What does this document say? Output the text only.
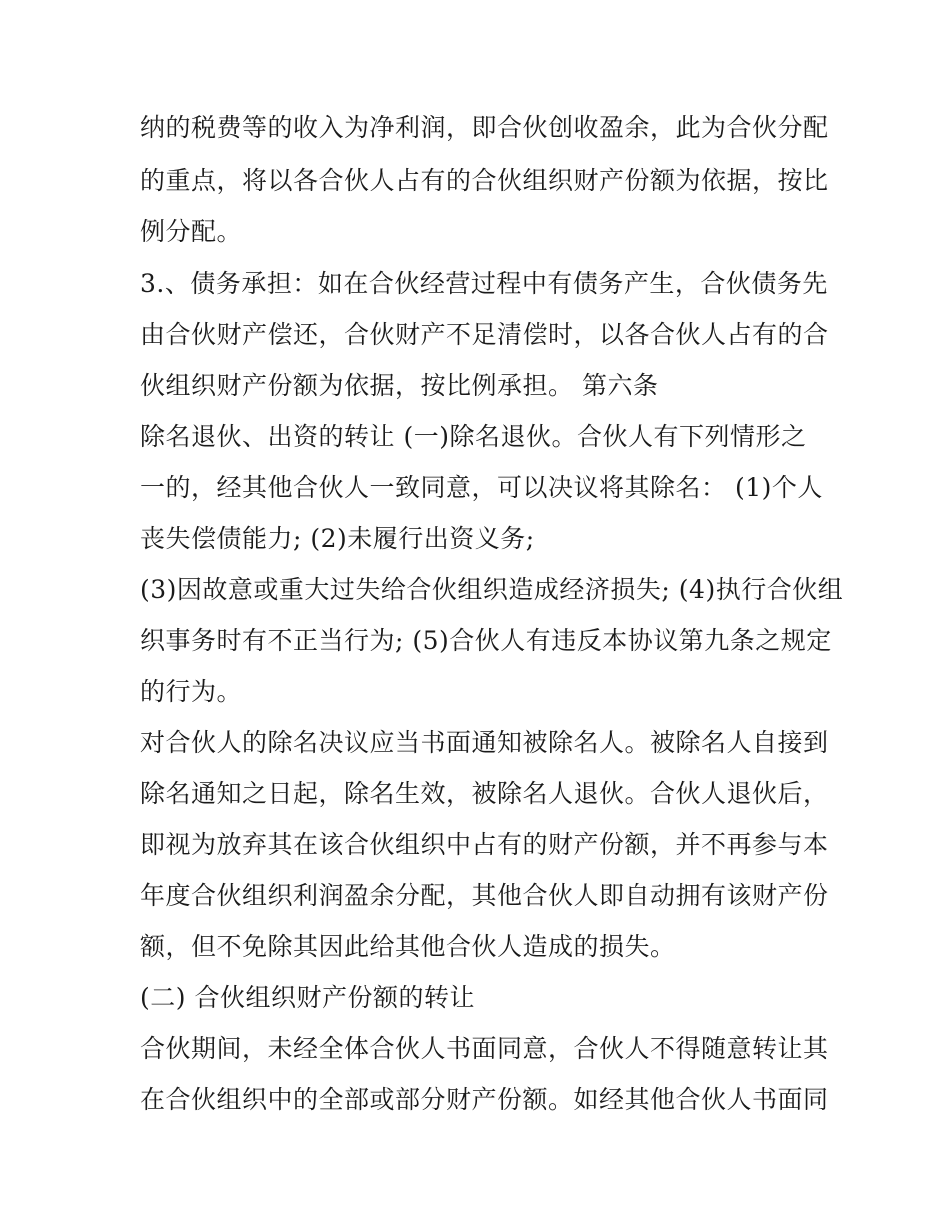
纳的税费等的收入为净利润，即合伙创收盈余，此为合伙分配
的重点，将以各合伙人占有的合伙组织财产份额为依据，按比
例分配。
3.、债务承担：如在合伙经营过程中有债务产生，合伙债务先
由合伙财产偿还，合伙财产不足清偿时，以各合伙人占有的合
伙组织财产份额为依据，按比例承担。 第六条
除名退伙、出资的转让 (一)除名退伙。合伙人有下列情形之
一的，经其他合伙人一致同意，可以决议将其除名： (1)个人
丧失偿债能力; (2)未履行出资义务;
(3)因故意或重大过失给合伙组织造成经济损失; (4)执行合伙组
织事务时有不正当行为; (5)合伙人有违反本协议第九条之规定
的行为。
对合伙人的除名决议应当书面通知被除名人。被除名人自接到
除名通知之日起，除名生效，被除名人退伙。合伙人退伙后，
即视为放弃其在该合伙组织中占有的财产份额，并不再参与本
年度合伙组织利润盈余分配，其他合伙人即自动拥有该财产份
额，但不免除其因此给其他合伙人造成的损失。
(二) 合伙组织财产份额的转让
合伙期间，未经全体合伙人书面同意，合伙人不得随意转让其
在合伙组织中的全部或部分财产份额。如经其他合伙人书面同
